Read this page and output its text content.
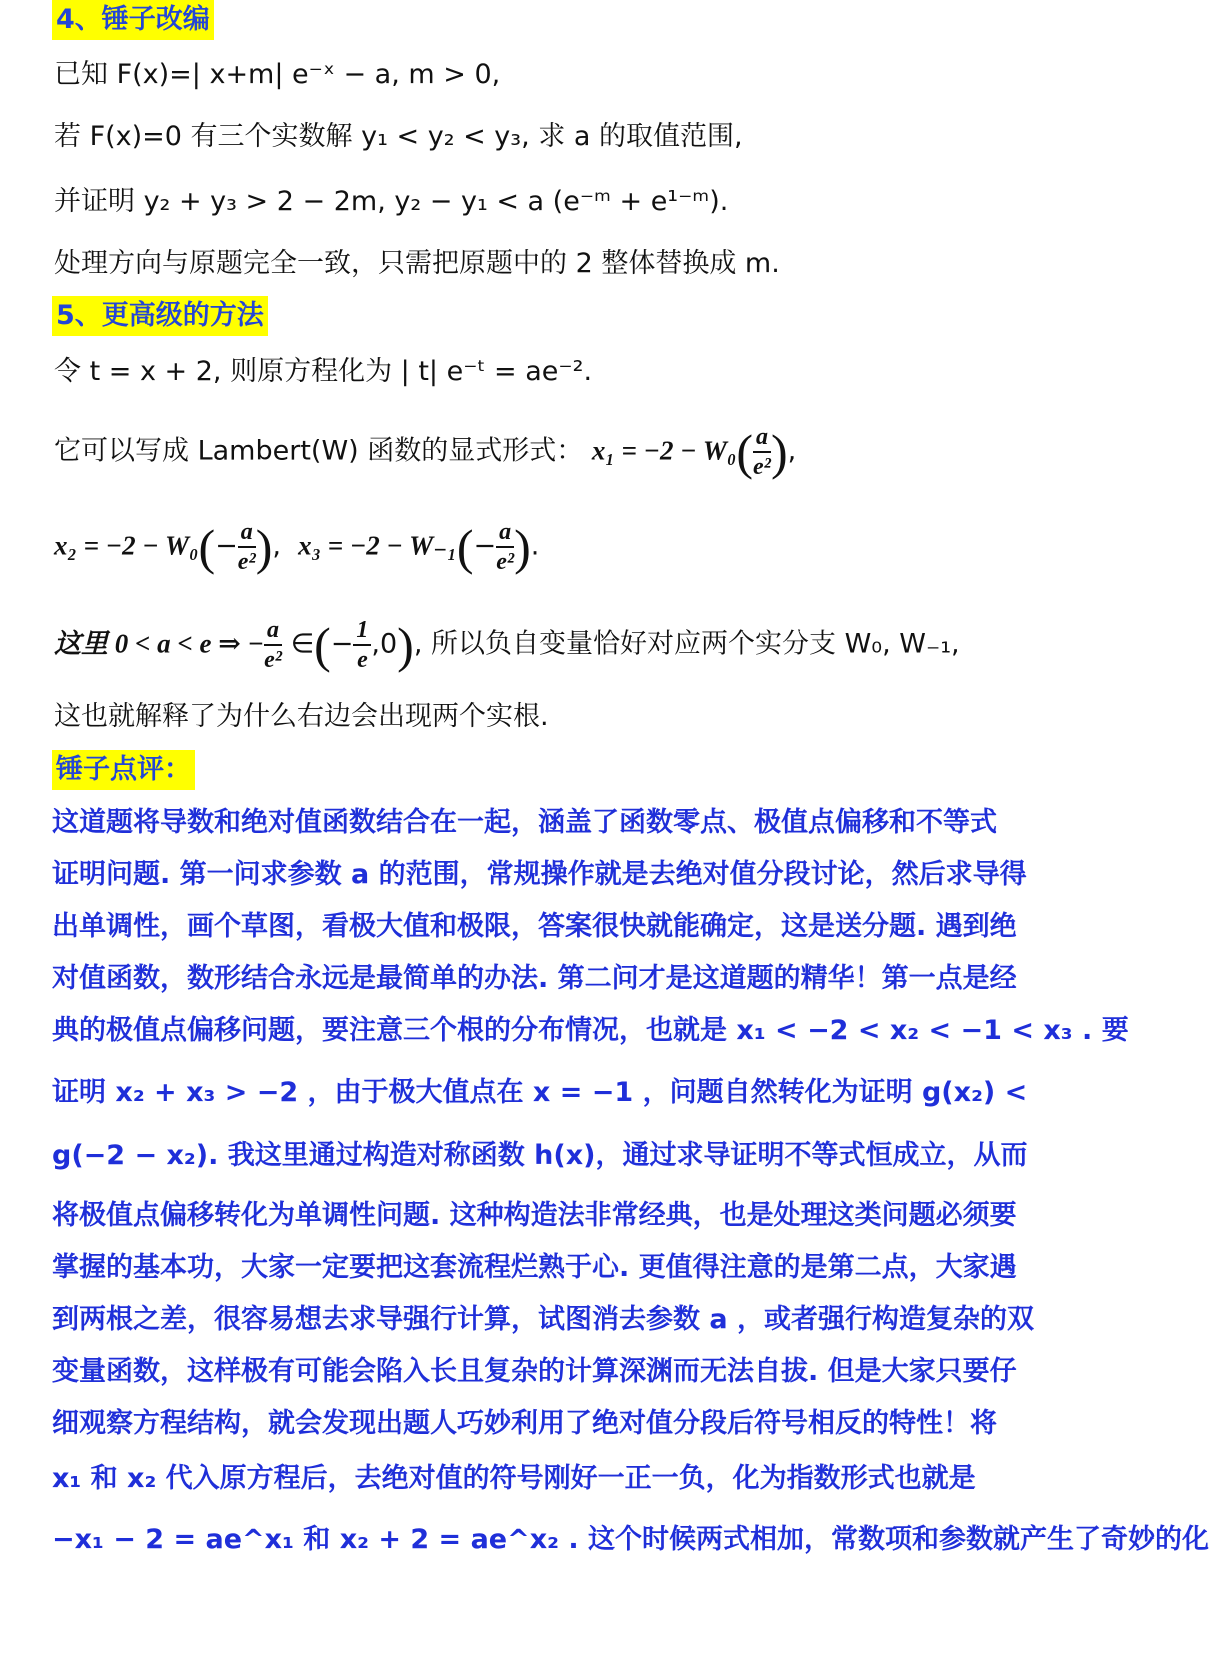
4、锤子改编
已知 F(x)=| x+m| e⁻ˣ − a, m > 0,
若 F(x)=0 有三个实数解 y₁ < y₂ < y₃, 求 a 的取值范围,
并证明 y₂ + y₃ > 2 − 2m, y₂ − y₁ < a (e⁻ᵐ + e¹⁻ᵐ).
处理方向与原题完全一致，只需把原题中的 2 整体替换成 m.
5、更高级的方法
令 t = x + 2, 则原方程化为 | t| e⁻ᵗ = ae⁻².
它可以写成 Lambert(W) 函数的显式形式： $x_1 = -2 - W_0( \frac{a}{\text{e²}}$ ),
$x_2 = -2 - W_0(- \frac{a}{\text{e²}}$ ),  $x_3 = -2 - W_{-1}(- \frac{a}{\text{e²}}$ ).
这里 0 < a < e ⇒ − $\frac{a}{\text{e²}}$ ∈(− $\frac{1}{e} ,0$), 所以负自变量恰好对应两个实分支 W₀, W₋₁,
这也就解释了为什么右边会出现两个实根.
锤子点评：
这道题将导数和绝对值函数结合在一起，涵盖了函数零点、极值点偏移和不等式
证明问题. 第一问求参数 a 的范围，常规操作就是去绝对值分段讨论，然后求导得
出单调性，画个草图，看极大值和极限，答案很快就能确定，这是送分题. 遇到绝
对值函数，数形结合永远是最简单的办法. 第二问才是这道题的精华！第一点是经
典的极值点偏移问题，要注意三个根的分布情况，也就是 x₁ < −2 < x₂ < −1 < x₃ . 要
证明 x₂ + x₃ > −2 ，由于极大值点在 x = −1 ，问题自然转化为证明 g(x₂) <
g(−2 − x₂). 我这里通过构造对称函数 h(x)，通过求导证明不等式恒成立，从而
将极值点偏移转化为单调性问题. 这种构造法非常经典，也是处理这类问题必须要
掌握的基本功，大家一定要把这套流程烂熟于心. 更值得注意的是第二点，大家遇
到两根之差，很容易想去求导强行计算，试图消去参数 a ，或者强行构造复杂的双
变量函数，这样极有可能会陷入长且复杂的计算深渊而无法自拔. 但是大家只要仔
细观察方程结构，就会发现出题人巧妙利用了绝对值分段后符号相反的特性！将
x₁ 和 x₂ 代入原方程后，去绝对值的符号刚好一正一负，化为指数形式也就是
−x₁ − 2 = ae^x₁ 和 x₂ + 2 = ae^x₂ . 这个时候两式相加，常数项和参数就产生了奇妙的化
